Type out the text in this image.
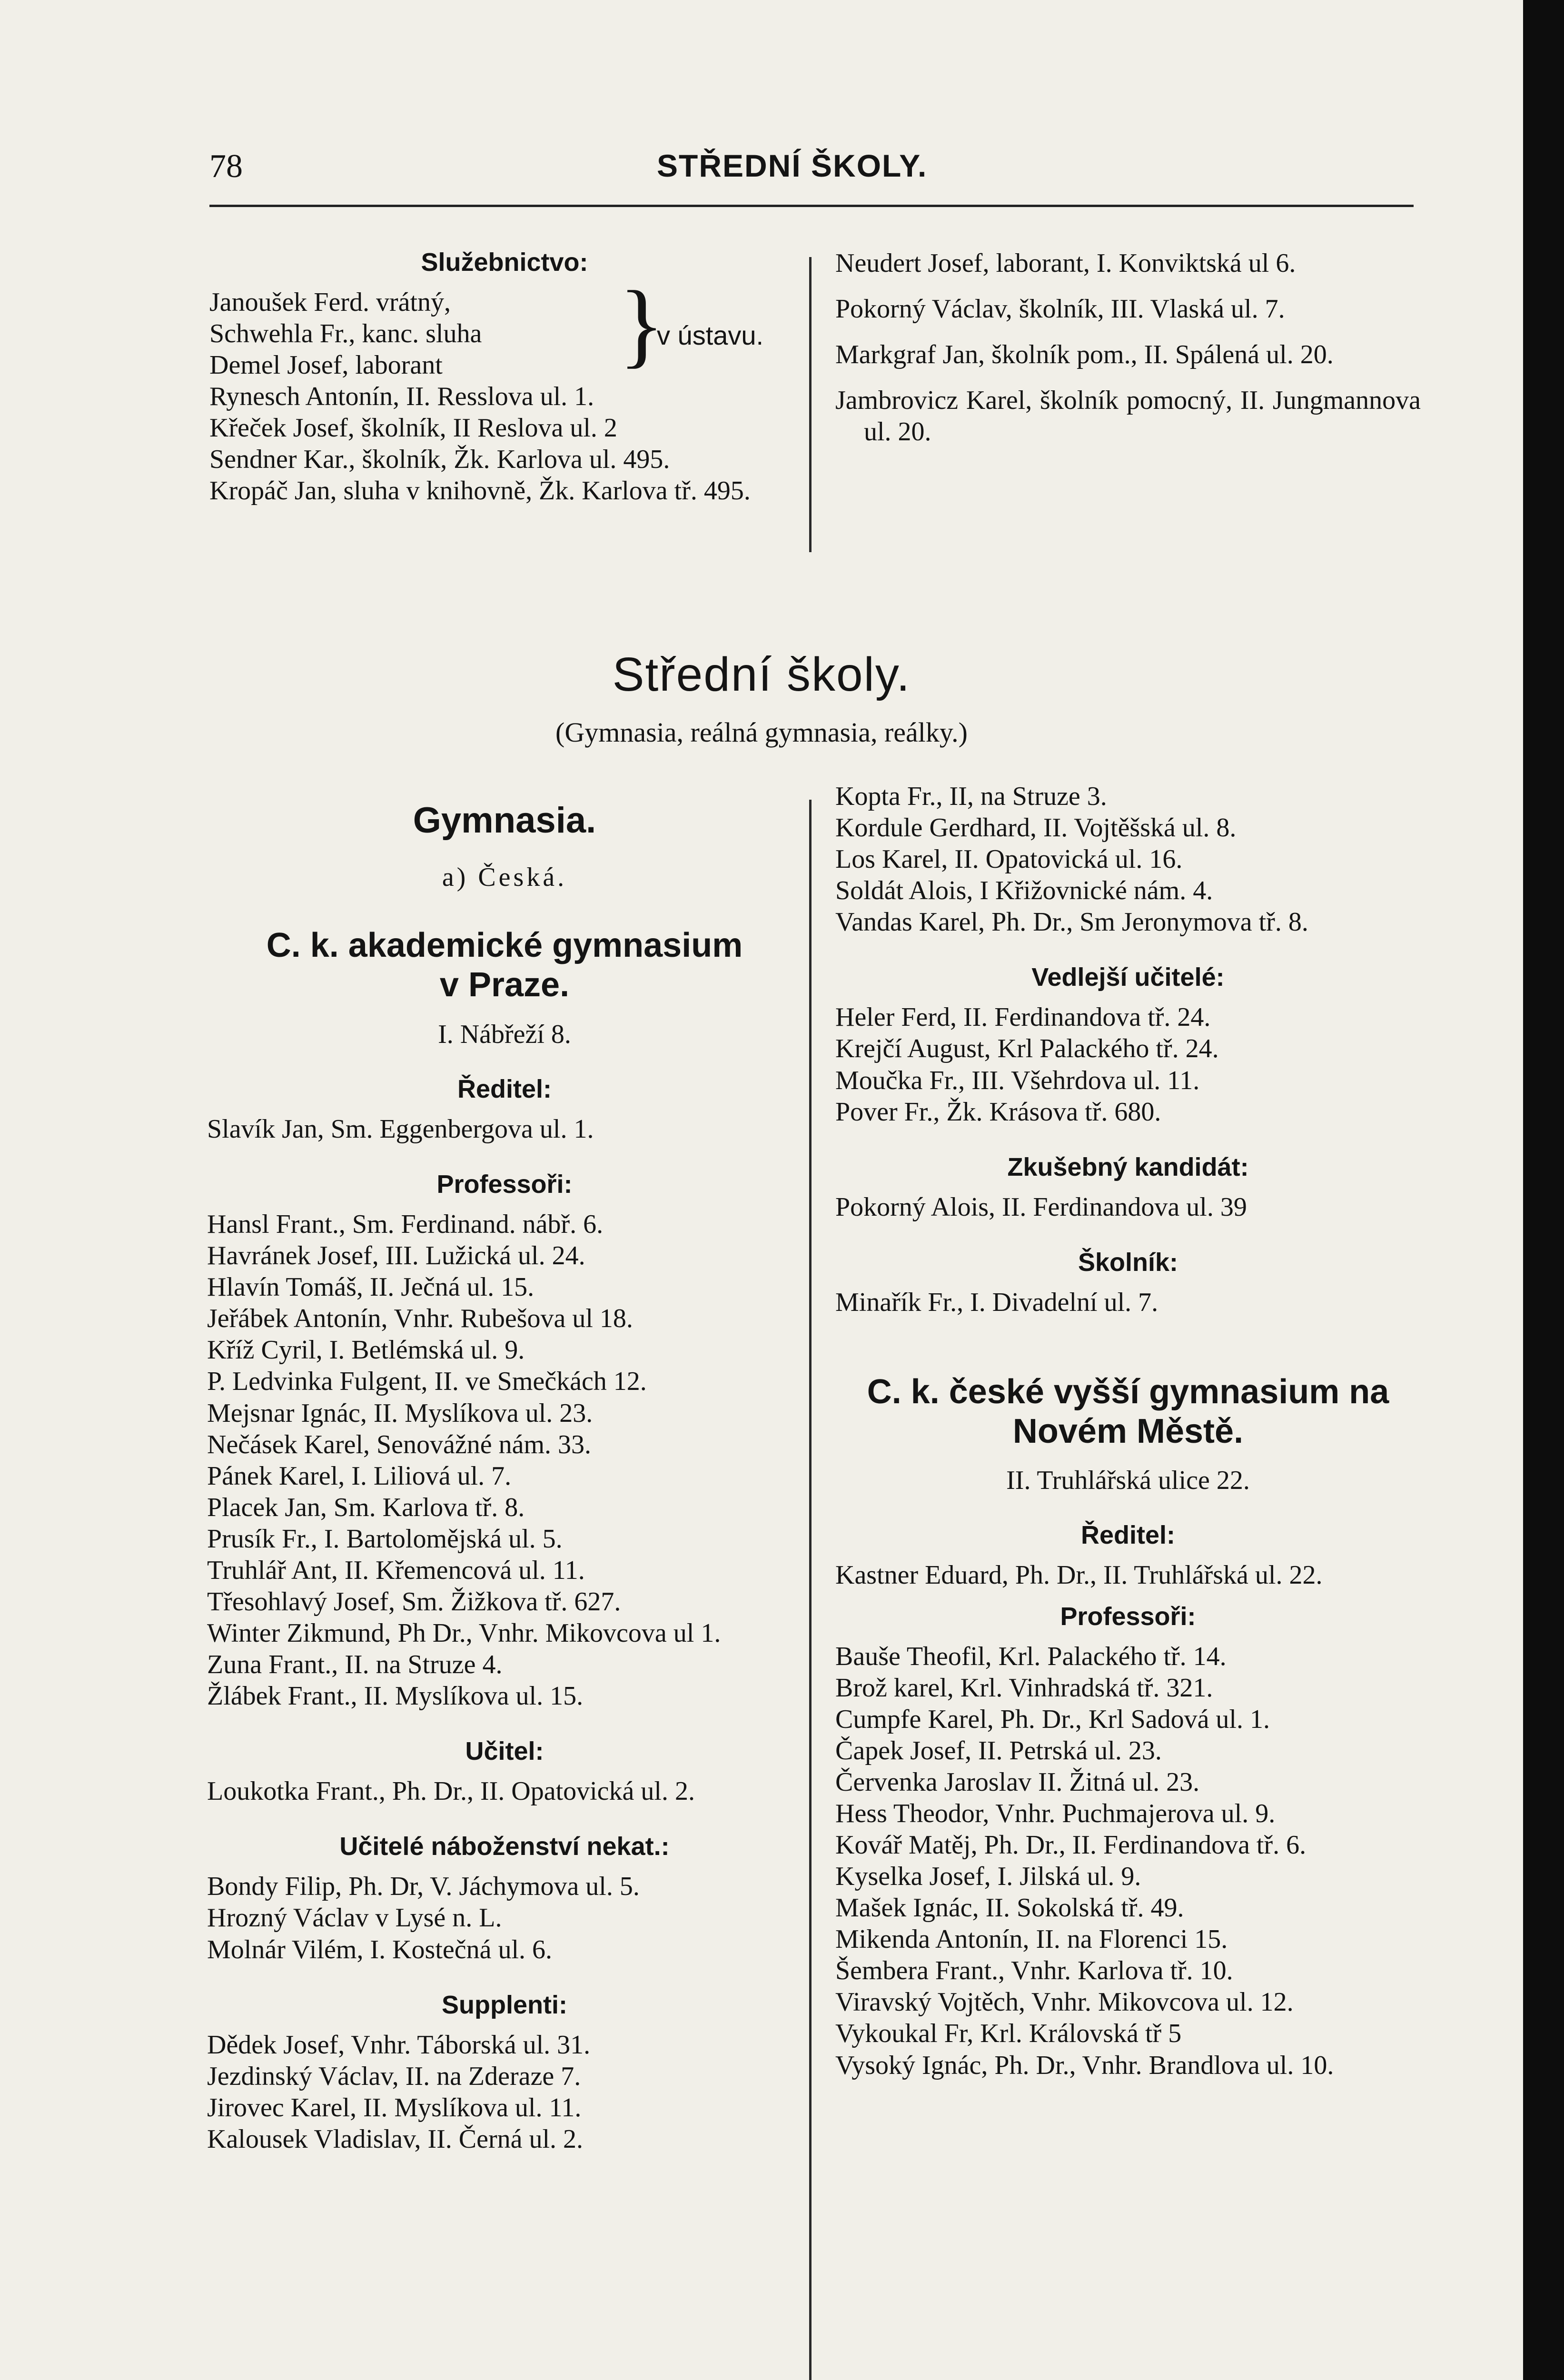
78	STŘEDNÍ ŠKOLY.
Služebnictvo:

Janoušek Ferd. vrátný,

Schwehla Fr., kanc. sluha

Demel Josef, laborant	}
v ústavu.

Rynesch Antonín, II. Resslova ul. 1.

Křeček Josef, školník, II Reslova ul. 2

Sendner Kar., školník, Žk. Karlova ul. 495.

Kropáč Jan, sluha v knihovně, Žk. Karlova tř. 495.

Neudert Josef, laborant, I. Konviktská ul 6.

Pokorný Václav, školník, III. Vlaská ul. 7.

Markgraf Jan, školník pom., II. Spálená ul. 20.

Jambrovicz Karel, školník pomocný, II. Jungmannova ul. 20.

Střední školy.
(Gymnasia, reálná gymnasia, reálky.)
Gymnasia.
a) Česká.
C. k. akademické gymnasium
v Praze.
I. Nábřeží 8.
Ředitel:

Slavík Jan, Sm. Eggenbergova ul. 1.

Professoři:

Hansl Frant., Sm. Ferdinand. nábř. 6.

Havránek Josef, III. Lužická ul. 24.

Hlavín Tomáš, II. Ječná ul. 15.

Jeřábek Antonín, Vnhr. Rubešova ul 18.

Kříž Cyril, I. Betlémská ul. 9.

P. Ledvinka Fulgent, II. ve Smečkách 12.

Mejsnar Ignác, II. Myslíkova ul. 23.

Nečásek Karel, Senovážné nám. 33.

Pánek Karel, I. Liliová ul. 7.

Placek Jan, Sm. Karlova tř. 8.

Prusík Fr., I. Bartolomějská ul. 5.

Truhlář Ant, II. Křemencová ul. 11.

Třesohlavý Josef, Sm. Žižkova tř. 627.

Winter Zikmund, Ph Dr., Vnhr. Mikovcova ul 1.

Zuna Frant., II. na Struze 4.

Žlábek Frant., II. Myslíkova ul. 15.

Učitel:

Loukotka Frant., Ph. Dr., II. Opatovická ul. 2.

Učitelé náboženství nekat.:

Bondy Filip, Ph. Dr, V. Jáchymova ul. 5.

Hrozný Václav v Lysé n. L.

Molnár Vilém, I. Kostečná ul. 6.

Supplenti:

Dědek Josef, Vnhr. Táborská ul. 31.

Jezdinský Václav, II. na Zderaze 7.

Jirovec Karel, II. Myslíkova ul. 11.

Kalousek Vladislav, II. Černá ul. 2.

Kopta Fr., II, na Struze 3.

Kordule Gerdhard, II. Vojtěšská ul. 8.

Los Karel, II. Opatovická ul. 16.

Soldát Alois, I Křižovnické nám. 4.

Vandas Karel, Ph. Dr., Sm Jeronymova tř. 8.

Vedlejší učitelé:

Heler Ferd, II. Ferdinandova tř. 24.

Krejčí August, Krl Palackého tř. 24.

Moučka Fr., III. Všehrdova ul. 11.

Pover Fr., Žk. Krásova tř. 680.

Zkušebný kandidát:

Pokorný Alois, II. Ferdinandova ul. 39

Školník:

Minařík Fr., I. Divadelní ul. 7.

C. k. české vyšší gymnasium na
Novém Městě.
II. Truhlářská ulice 22.
Ředitel:

Kastner Eduard, Ph. Dr., II. Truhlářská ul. 22.

Professoři:

Bauše Theofil, Krl. Palackého tř. 14.

Brož karel, Krl. Vinhradská tř. 321.

Cumpfe Karel, Ph. Dr., Krl Sadová ul. 1.

Čapek Josef, II. Petrská ul. 23.

Červenka Jaroslav II. Žitná ul. 23.

Hess Theodor, Vnhr. Puchmajerova ul. 9.

Kovář Matěj, Ph. Dr., II. Ferdinandova tř. 6.

Kyselka Josef, I. Jilská ul. 9.

Mašek Ignác, II. Sokolská tř. 49.

Mikenda Antonín, II. na Florenci 15.

Šembera Frant., Vnhr. Karlova tř. 10.

Viravský Vojtěch, Vnhr. Mikovcova ul. 12.

Vykoukal Fr, Krl. Královská tř 5

Vysoký Ignác, Ph. Dr., Vnhr. Brandlova ul. 10.
